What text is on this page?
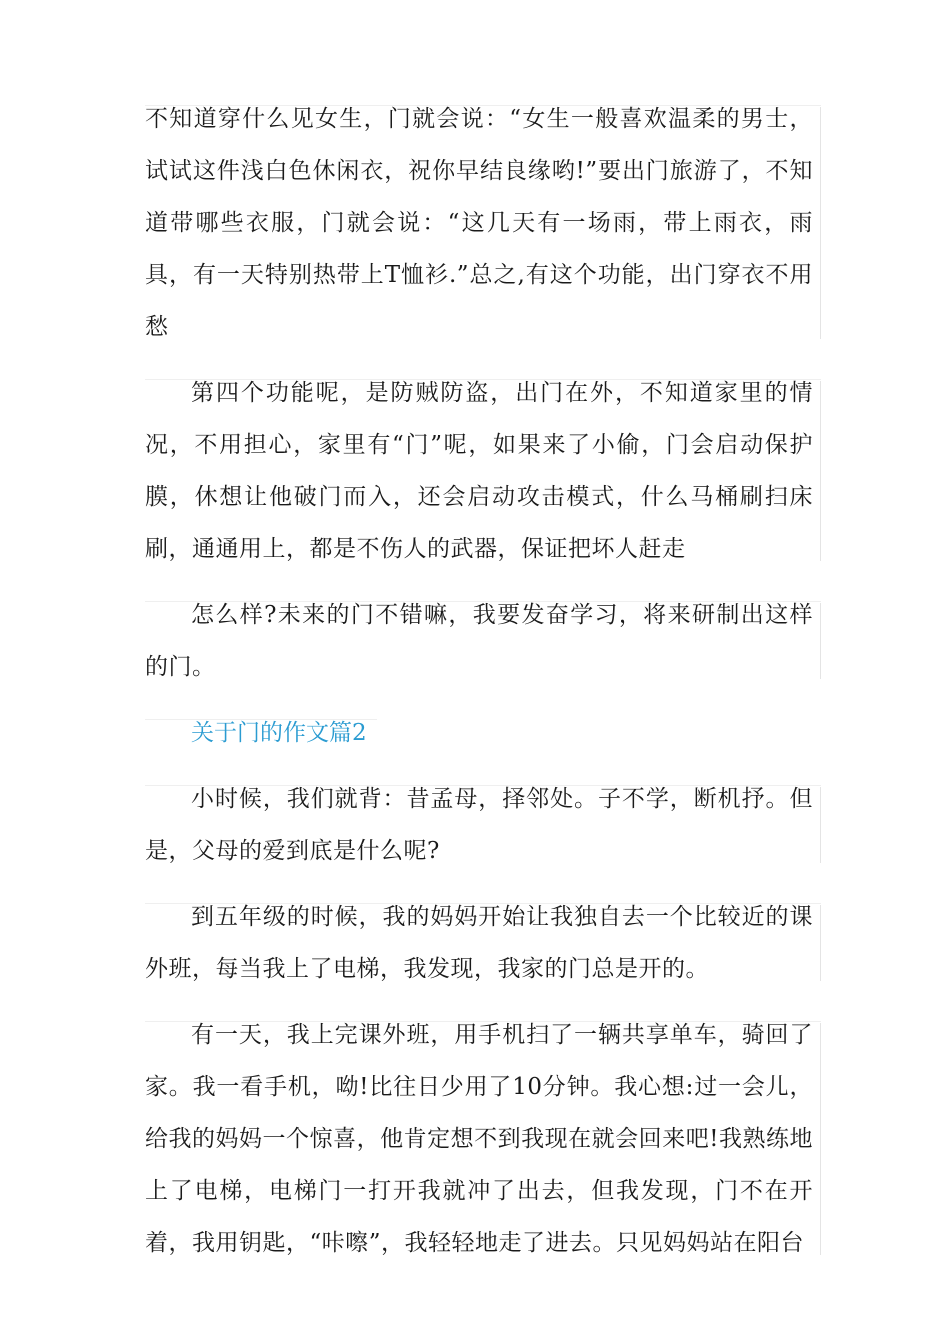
不知道穿什么见女生，门就会说：“女生一般喜欢温柔的男士，试试这件浅白色休闲衣，祝你早结良缘哟!”要出门旅游了，不知道带哪些衣服，门就会说：“这几天有一场雨，带上雨衣，雨具，有一天特别热带上T恤衫.”总之,有这个功能，出门穿衣不用愁

第四个功能呢，是防贼防盗，出门在外，不知道家里的情况，不用担心，家里有“门”呢，如果来了小偷，门会启动保护膜，休想让他破门而入，还会启动攻击模式，什么马桶刷扫床刷，通通用上，都是不伤人的武器，保证把坏人赶走

怎么样?未来的门不错嘛，我要发奋学习，将来研制出这样的门。

关于门的作文篇2

小时候，我们就背：昔孟母，择邻处。子不学，断机抒。但是，父母的爱到底是什么呢?

到五年级的时候，我的妈妈开始让我独自去一个比较近的课外班，每当我上了电梯，我发现，我家的门总是开的。

有一天，我上完课外班，用手机扫了一辆共享单车，骑回了家。我一看手机，呦!比往日少用了10分钟。我心想:过一会儿，给我的妈妈一个惊喜，他肯定想不到我现在就会回来吧!我熟练地上了电梯，电梯门一打开我就冲了出去，但我发现，门不在开着，我用钥匙，“咔嚓”，我轻轻地走了进去。只见妈妈站在阳台
